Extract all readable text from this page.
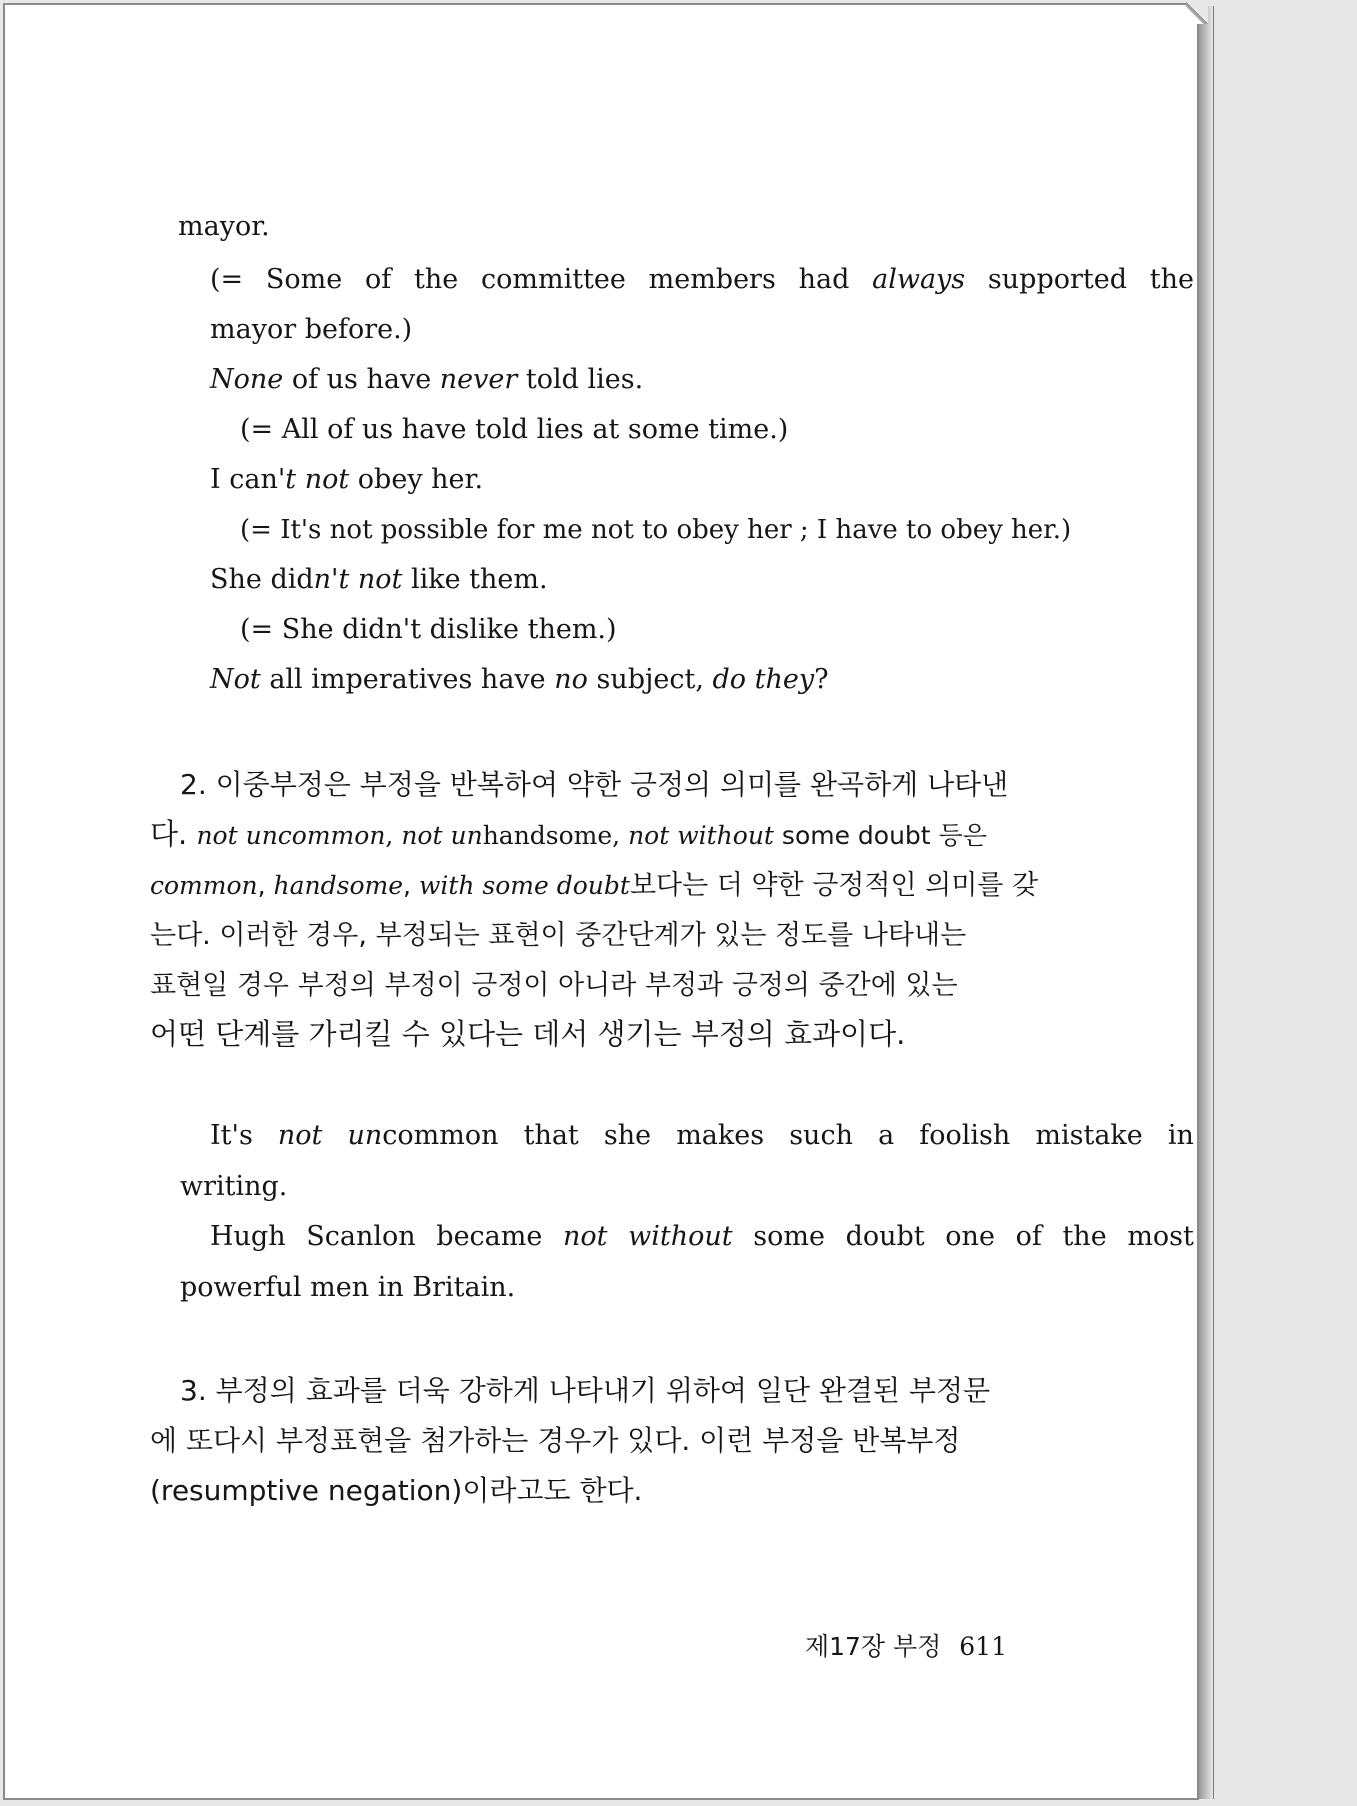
mayor.
(= Some of the committee members had always supported the
mayor before.)
None of us have never told lies.
(= All of us have told lies at some time.)
I can't not obey her.
(= It's not possible for me not to obey her ; I have to obey her.)
She didn't not like them.
(= She didn't dislike them.)
Not all imperatives have no subject, do they?
2. 이중부정은 부정을 반복하여 약한 긍정의 의미를 완곡하게 나타낸
다. not uncommon, not unhandsome, not without some doubt 등은
common, handsome, with some doubt보다는 더 약한 긍정적인 의미를 갖
는다. 이러한 경우, 부정되는 표현이 중간단계가 있는 정도를 나타내는
표현일 경우 부정의 부정이 긍정이 아니라 부정과 긍정의 중간에 있는
어떤 단계를 가리킬 수 있다는 데서 생기는 부정의 효과이다.
It's not uncommon that she makes such a foolish mistake in
writing.
Hugh Scanlon became not without some doubt one of the most
powerful men in Britain.
3. 부정의 효과를 더욱 강하게 나타내기 위하여 일단 완결된 부정문
에 또다시 부정표현을 첨가하는 경우가 있다. 이런 부정을 반복부정
(resumptive negation)이라고도 한다.
제17장 부정 611
